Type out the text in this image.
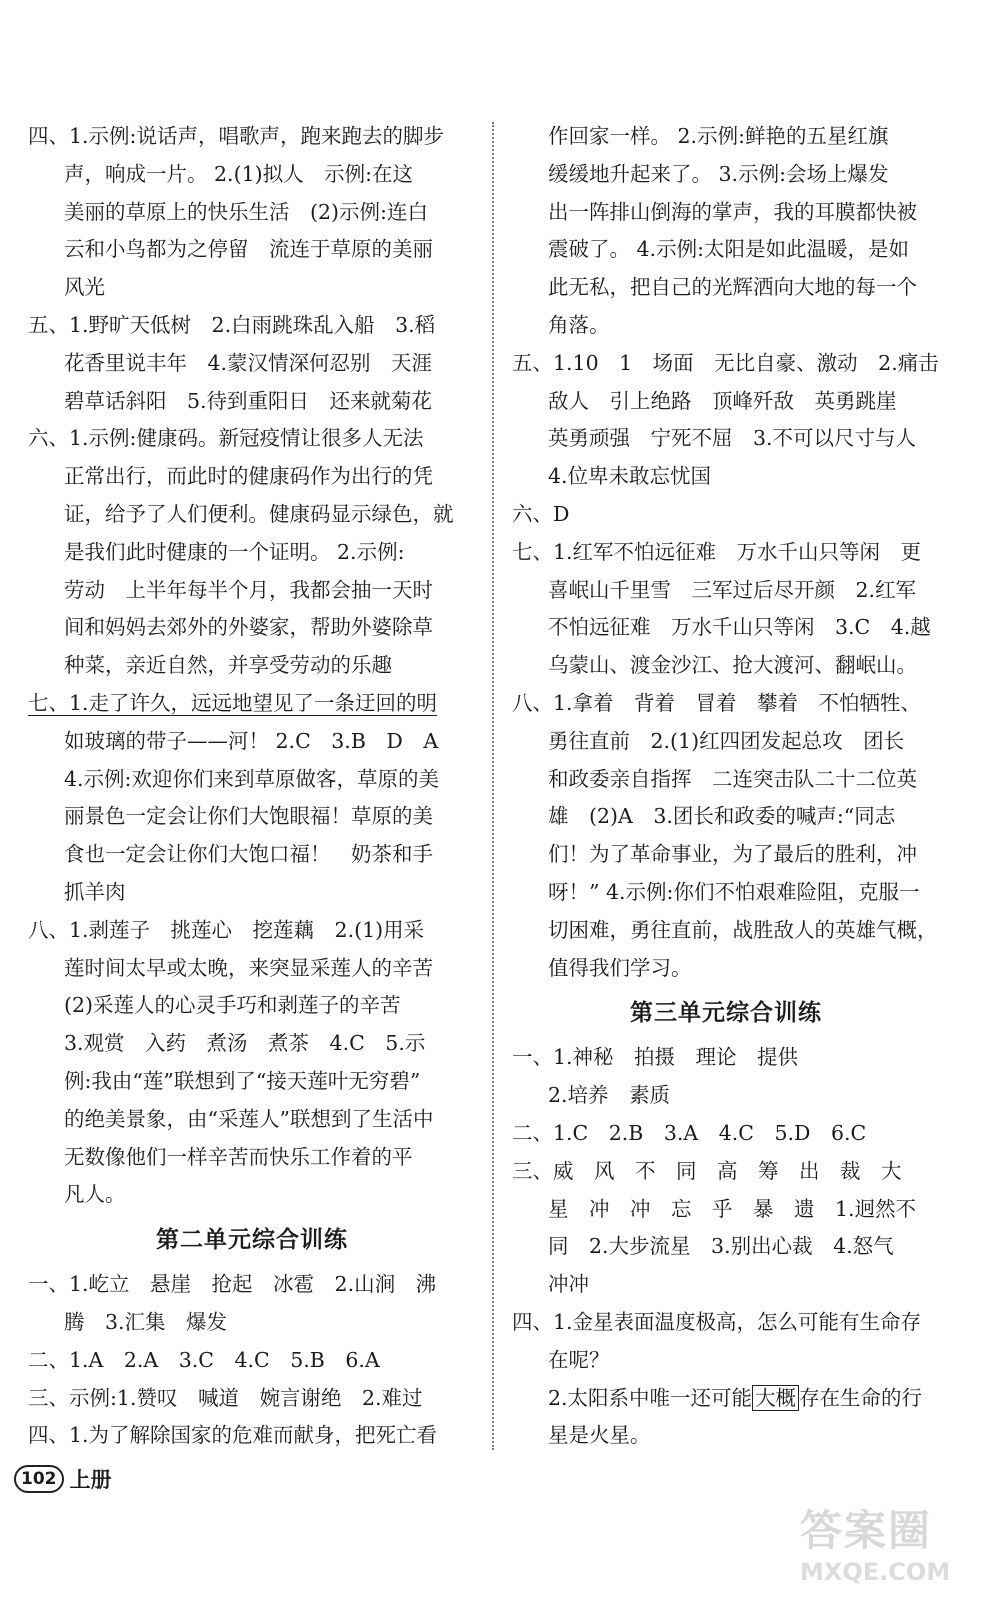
四、1.示例:说话声，唱歌声，跑来跑去的脚步
声，响成一片。 2.(1)拟人　示例:在这
美丽的草原上的快乐生活　(2)示例:连白
云和小鸟都为之停留　流连于草原的美丽
风光
五、1.野旷天低树　2.白雨跳珠乱入船　3.稻
花香里说丰年　4.蒙汉情深何忍别　天涯
碧草话斜阳　5.待到重阳日　还来就菊花
六、1.示例:健康码。新冠疫情让很多人无法
正常出行，而此时的健康码作为出行的凭
证，给予了人们便利。健康码显示绿色，就
是我们此时健康的一个证明。 2.示例:
劳动　上半年每半个月，我都会抽一天时
间和妈妈去郊外的外婆家，帮助外婆除草
种菜，亲近自然，并享受劳动的乐趣
七、1.走了许久，远远地望见了一条迂回的明
如玻璃的带子——河！ 2.C　3.B　D　A
4.示例:欢迎你们来到草原做客，草原的美
丽景色一定会让你们大饱眼福！草原的美
食也一定会让你们大饱口福！　奶茶和手
抓羊肉
八、1.剥莲子　挑莲心　挖莲藕　2.(1)用采
莲时间太早或太晚，来突显采莲人的辛苦
(2)采莲人的心灵手巧和剥莲子的辛苦
3.观赏　入药　煮汤　煮茶　4.C　5.示
例:我由“莲”联想到了“接天莲叶无穷碧”
的绝美景象，由“采莲人”联想到了生活中
无数像他们一样辛苦而快乐工作着的平
凡人。
第二单元综合训练
一、1.屹立　悬崖　抢起　冰雹　2.山涧　沸
腾　3.汇集　爆发
二、1.A　2.A　3.C　4.C　5.B　6.A
三、示例:1.赞叹　喊道　婉言谢绝　2.难过
四、1.为了解除国家的危难而献身，把死亡看
作回家一样。 2.示例:鲜艳的五星红旗
缓缓地升起来了。 3.示例:会场上爆发
出一阵排山倒海的掌声，我的耳膜都快被
震破了。 4.示例:太阳是如此温暖，是如
此无私，把自己的光辉洒向大地的每一个
角落。
五、1.10　1　场面　无比自豪、激动　2.痛击
敌人　引上绝路　顶峰歼敌　英勇跳崖
英勇顽强　宁死不屈　3.不可以尺寸与人
4.位卑未敢忘忧国
六、D
七、1.红军不怕远征难　万水千山只等闲　更
喜岷山千里雪　三军过后尽开颜　2.红军
不怕远征难　万水千山只等闲　3.C　4.越
乌蒙山、渡金沙江、抢大渡河、翻岷山。
八、1.拿着　背着　冒着　攀着　不怕牺牲、
勇往直前　2.(1)红四团发起总攻　团长
和政委亲自指挥　二连突击队二十二位英
雄　(2)A　3.团长和政委的喊声:“同志
们！为了革命事业，为了最后的胜利，冲
呀！” 4.示例:你们不怕艰难险阻，克服一
切困难，勇往直前，战胜敌人的英雄气概，
值得我们学习。
第三单元综合训练
一、1.神秘　拍摄　理论　提供
2.培养　素质
二、1.C　2.B　3.A　4.C　5.D　6.C
三、威　风　不　同　高　筹　出　裁　大
星　冲　冲　忘　乎　暴　遗　1.迥然不
同　2.大步流星　3.别出心裁　4.怒气
冲冲
四、1.金星表面温度极高，怎么可能有生命存
在呢？
2.太阳系中唯一还可能 大概 存在生命的行
星是火星。
102 上册
答案圈
MXQE.COM
